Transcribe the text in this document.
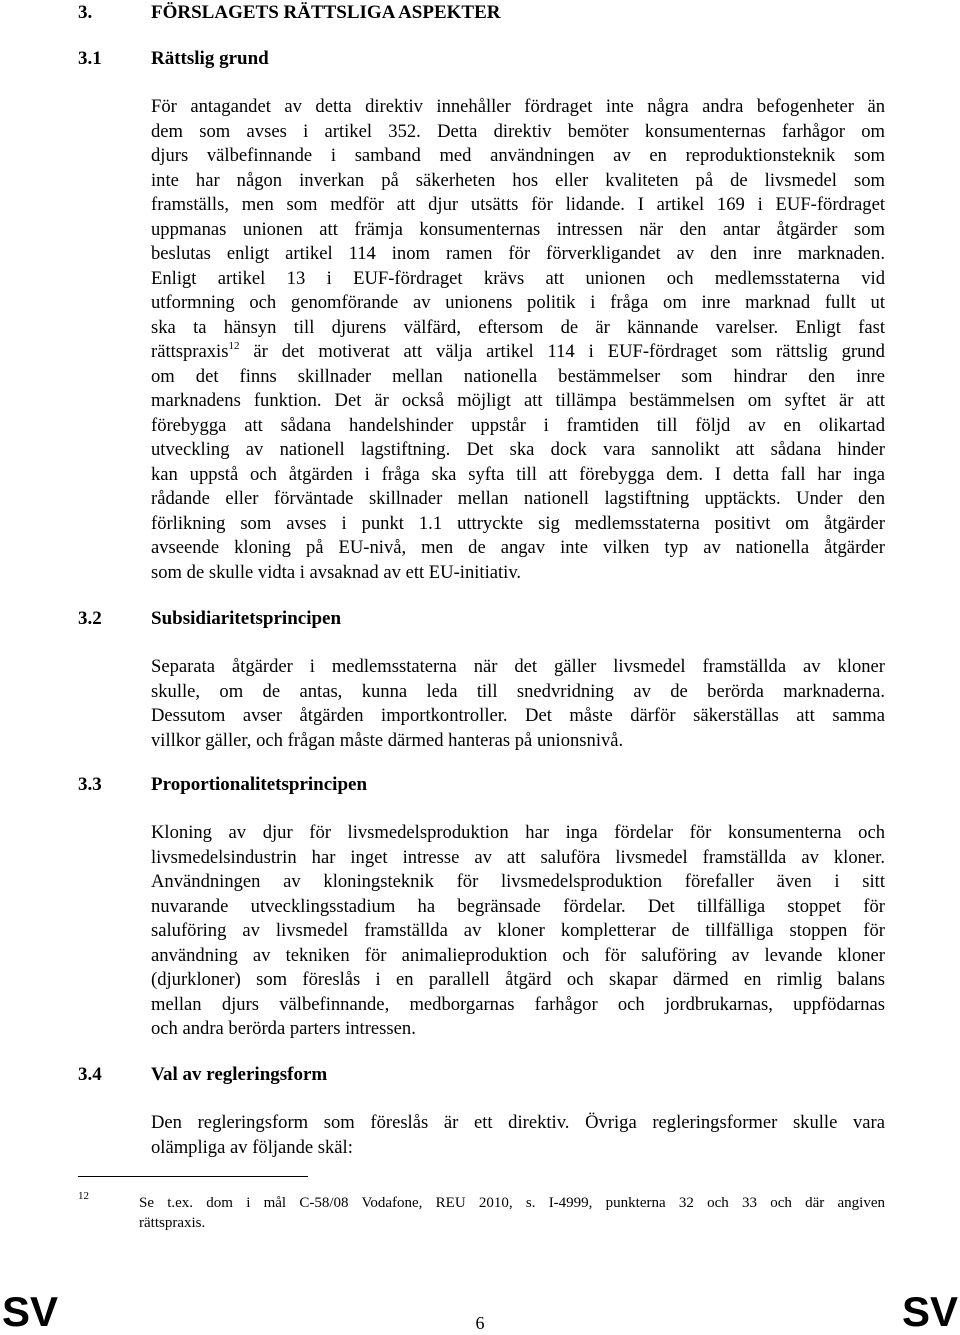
3.	FÖRSLAGETS RÄTTSLIGA ASPEKTER
3.1	Rättslig grund
För antagandet av detta direktiv innehåller fördraget inte några andra befogenheter än
dem som avses i artikel 352. Detta direktiv bemöter konsumenternas farhågor om
djurs välbefinnande i samband med användningen av en reproduktionsteknik som
inte har någon inverkan på säkerheten hos eller kvaliteten på de livsmedel som
framställs, men som medför att djur utsätts för lidande. I artikel 169 i EUF-fördraget
uppmanas unionen att främja konsumenternas intressen när den antar åtgärder som
beslutas enligt artikel 114 inom ramen för förverkligandet av den inre marknaden.
Enligt artikel 13 i EUF-fördraget krävs att unionen och medlemsstaterna vid
utformning och genomförande av unionens politik i fråga om inre marknad fullt ut
ska ta hänsyn till djurens välfärd, eftersom de är kännande varelser. Enligt fast
rättspraxis$^{12}$ är det motiverat att välja artikel 114 i EUF-fördraget som rättslig grund
om det finns skillnader mellan nationella bestämmelser som hindrar den inre
marknadens funktion. Det är också möjligt att tillämpa bestämmelsen om syftet är att
förebygga att sådana handelshinder uppstår i framtiden till följd av en olikartad
utveckling av nationell lagstiftning. Det ska dock vara sannolikt att sådana hinder
kan uppstå och åtgärden i fråga ska syfta till att förebygga dem. I detta fall har inga
rådande eller förväntade skillnader mellan nationell lagstiftning upptäckts. Under den
förlikning som avses i punkt 1.1 uttryckte sig medlemsstaterna positivt om åtgärder
avseende kloning på EU-nivå, men de angav inte vilken typ av nationella åtgärder
som de skulle vidta i avsaknad av ett EU-initiativ.
3.2	Subsidiaritetsprincipen
Separata åtgärder i medlemsstaterna när det gäller livsmedel framställda av kloner
skulle, om de antas, kunna leda till snedvridning av de berörda marknaderna.
Dessutom avser åtgärden importkontroller. Det måste därför säkerställas att samma
villkor gäller, och frågan måste därmed hanteras på unionsnivå.
3.3	Proportionalitetsprincipen
Kloning av djur för livsmedelsproduktion har inga fördelar för konsumenterna och
livsmedelsindustrin har inget intresse av att saluföra livsmedel framställda av kloner.
Användningen av kloningsteknik för livsmedelsproduktion förefaller även i sitt
nuvarande utvecklingsstadium ha begränsade fördelar. Det tillfälliga stoppet för
saluföring av livsmedel framställda av kloner kompletterar de tillfälliga stoppen för
användning av tekniken för animalieproduktion och för saluföring av levande kloner
(djurkloner) som föreslås i en parallell åtgärd och skapar därmed en rimlig balans
mellan djurs välbefinnande, medborgarnas farhågor och jordbrukarnas, uppfödarnas
och andra berörda parters intressen.
3.4	Val av regleringsform
Den regleringsform som föreslås är ett direktiv. Övriga regleringsformer skulle vara
olämpliga av följande skäl:
12	Se t.ex. dom i mål C-58/08 Vodafone, REU 2010, s. I-4999, punkterna 32 och 33 och där angiven
rättspraxis.
SV	6	SV
